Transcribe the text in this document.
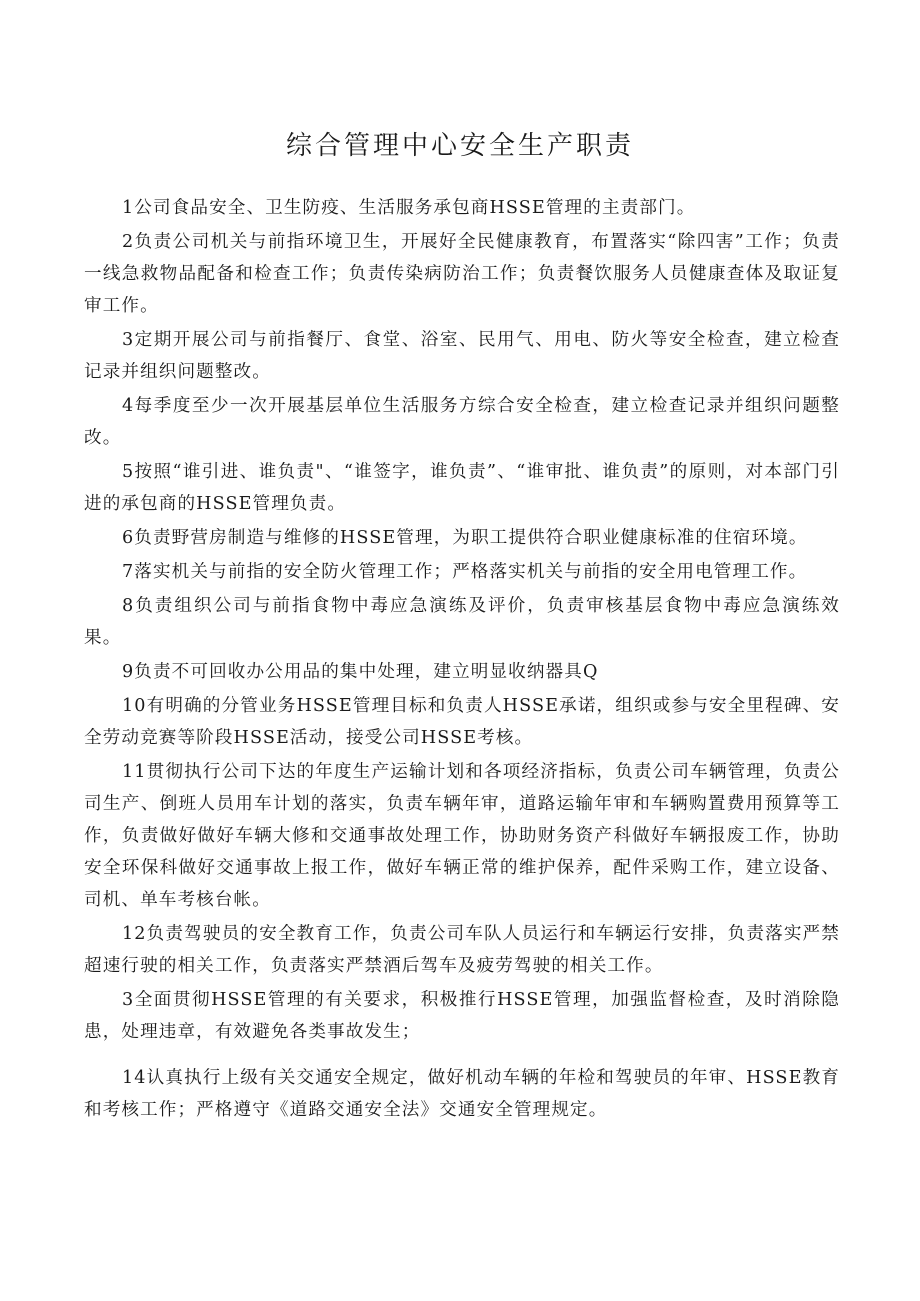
综合管理中心安全生产职责

1公司食品安全、卫生防疫、生活服务承包商HSSE管理的主责部门。

2负责公司机关与前指环境卫生，开展好全民健康教育，布置落实“除四害”工作；负责一线急救物品配备和检查工作；负责传染病防治工作；负责餐饮服务人员健康查体及取证复审工作。

3定期开展公司与前指餐厅、食堂、浴室、民用气、用电、防火等安全检查，建立检查记录并组织问题整改。

4每季度至少一次开展基层单位生活服务方综合安全检查，建立检查记录并组织问题整改。

5按照“谁引进、谁负责"、“谁签字，谁负责”、“谁审批、谁负责”的原则，对本部门引进的承包商的HSSE管理负责。

6负责野营房制造与维修的HSSE管理，为职工提供符合职业健康标准的住宿环境。

7落实机关与前指的安全防火管理工作；严格落实机关与前指的安全用电管理工作。

8负责组织公司与前指食物中毒应急演练及评价，负责审核基层食物中毒应急演练效果。

9负责不可回收办公用品的集中处理，建立明显收纳器具Q

10有明确的分管业务HSSE管理目标和负责人HSSE承诺，组织或参与安全里程碑、安全劳动竞赛等阶段HSSE活动，接受公司HSSE考核。

11贯彻执行公司下达的年度生产运输计划和各项经济指标，负责公司车辆管理，负责公司生产、倒班人员用车计划的落实，负责车辆年审，道路运输年审和车辆购置费用预算等工作，负责做好做好车辆大修和交通事故处理工作，协助财务资产科做好车辆报废工作，协助安全环保科做好交通事故上报工作，做好车辆正常的维护保养，配件采购工作，建立设备、司机、单车考核台帐。

12负责驾驶员的安全教育工作，负责公司车队人员运行和车辆运行安排，负责落实严禁超速行驶的相关工作，负责落实严禁酒后驾车及疲劳驾驶的相关工作。

3全面贯彻HSSE管理的有关要求，积极推行HSSE管理，加强监督检查，及时消除隐患，处理违章，有效避免各类事故发生；

14认真执行上级有关交通安全规定，做好机动车辆的年检和驾驶员的年审、HSSE教育和考核工作；严格遵守《道路交通安全法》交通安全管理规定。
